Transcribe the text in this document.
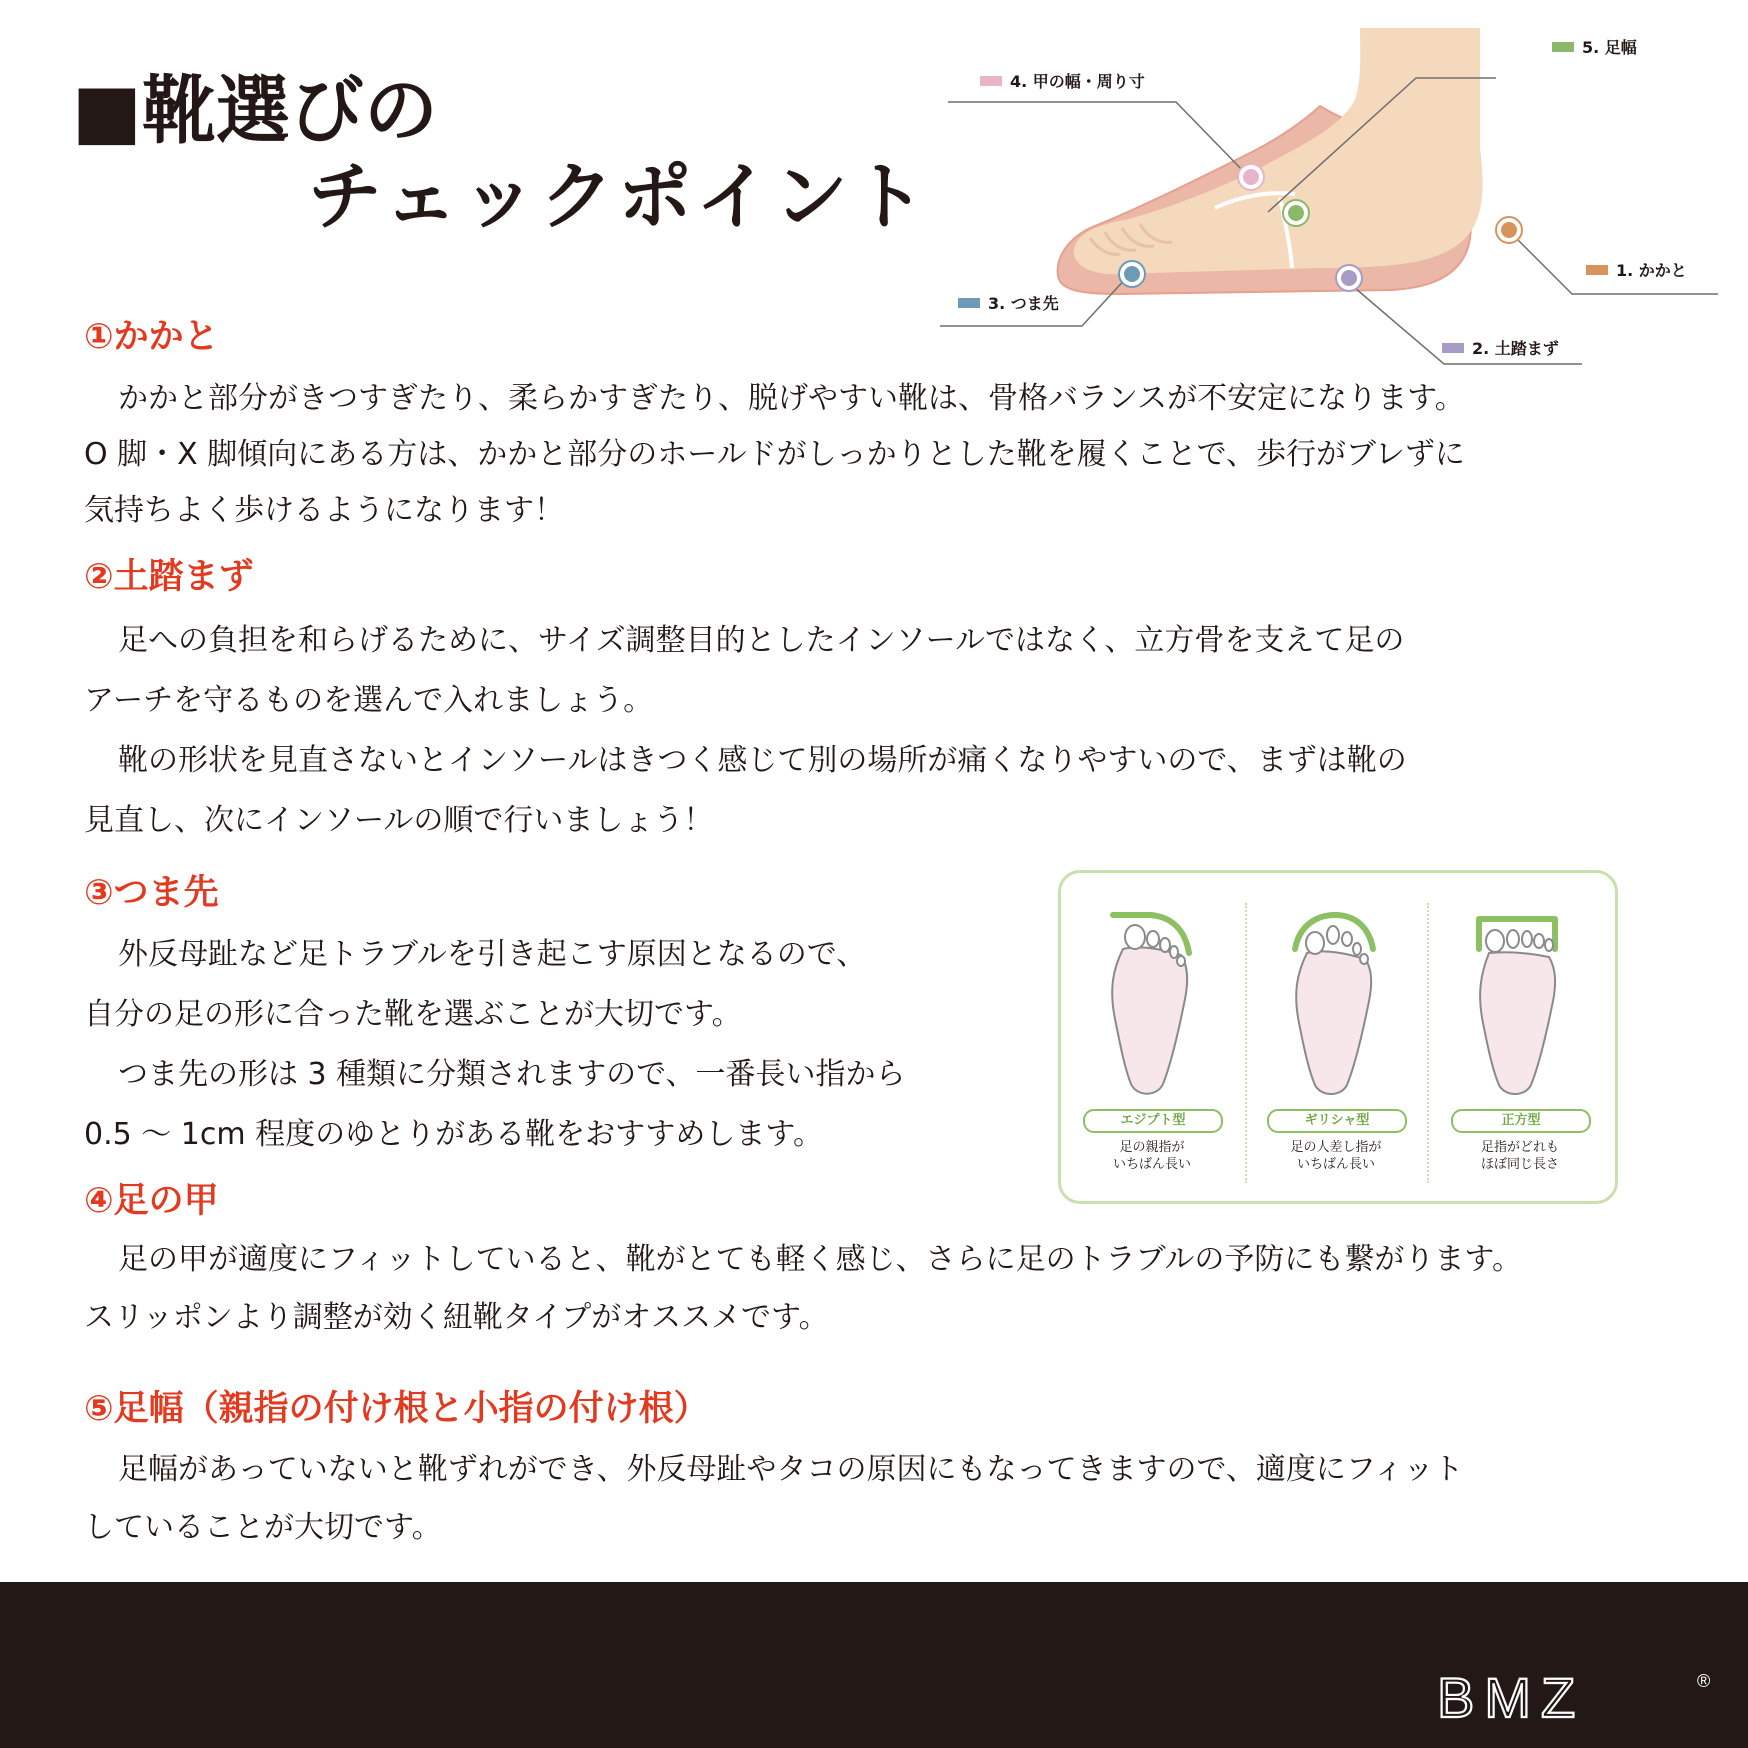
■靴選びの
チェックポイント
4. 甲の幅・周り寸
5. 足幅
1. かかと
2. 土踏まず
3. つま先
①かかと

かかと部分がきつすぎたり、柔らかすぎたり、脱げやすい靴は、骨格バランスが不安定になります。
O 脚・X 脚傾向にある方は、かかと部分のホールドがしっかりとした靴を履くことで、歩行がブレずに
気持ちよく歩けるようになります！

②土踏まず

足への負担を和らげるために、サイズ調整目的としたインソールではなく、立方骨を支えて足の
アーチを守るものを選んで入れましょう。
靴の形状を見直さないとインソールはきつく感じて別の場所が痛くなりやすいので、まずは靴の
見直し、次にインソールの順で行いましょう！

③つま先

外反母趾など足トラブルを引き起こす原因となるので、
自分の足の形に合った靴を選ぶことが大切です。
つま先の形は 3 種類に分類されますので、一番長い指から
0.5 ～ 1cm 程度のゆとりがある靴をおすすめします。	エジプト型
足の親指が
いちばん長い
ギリシャ型
足の人差し指が
いちばん長い
正方型
足指がどれも
ほぼ同じ長さ
④足の甲

足の甲が適度にフィットしていると、靴がとても軽く感じ、さらに足のトラブルの予防にも繋がります。
スリッポンより調整が効く紐靴タイプがオススメです。

⑤足幅（親指の付け根と小指の付け根）

足幅があっていないと靴ずれができ、外反母趾やタコの原因にもなってきますので、適度にフィット
していることが大切です。

BMZ	®
